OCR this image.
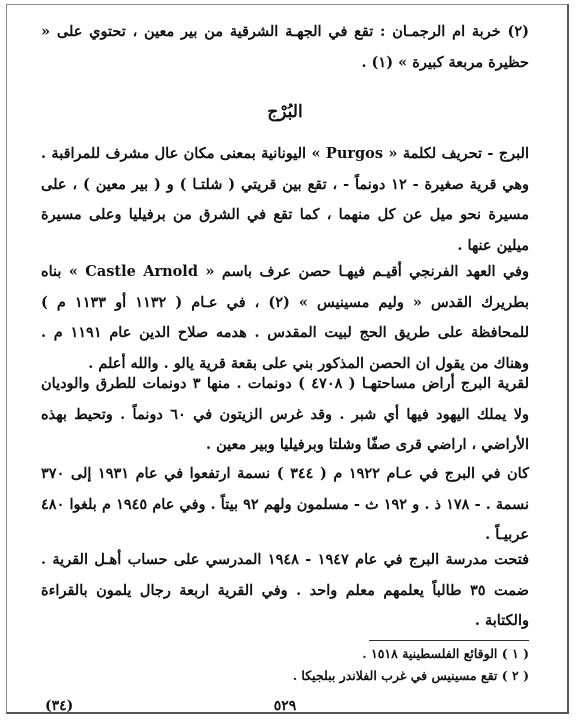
(٢) خربة ام الرجمـان : تقع في الجهـة الشرقية من بير معين ، تحتوي على « حظيرة مربعة كبيرة » (١) .

البُرْج

البرج - تحريف لكلمة « Purgos » اليونانية بمعنى مكان عال مشرف للمراقبة . وهي قرية صغيرة - ١٢ دونماً - ، تقع بين قريتي ( شلتـا ) و ( بير معين ) ، على مسيرة نحو ميل عن كل منهما ، كما تقع في الشرق من برفيليا وعلى مسيرة ميلين عنها .

وفي العهد الفرنجي أقيـم فيهـا حصن عرف باسم « Castle Arnold » بناه بطريرك القدس « وليم مسينيس » (٢) ، في عـام ( ١١٣٢ أو ١١٣٣ م ) للمحافظة على طريق الحج لبيت المقدس . هدمه صلاح الدين عام ١١٩١ م . وهناك من يقول ان الحصن المذكور بني على بقعة قرية يالو . والله أعلم .

لقرية البرج أراض مساحتهـا ( ٤٧٠٨ ) دونمات . منها ٣ دونمات للطرق والوديان ولا يملك اليهود فيها أي شبر . وقد غرس الزيتون في ٦٠ دونماً . وتحيط بهذه الأراضي ، اراضي قرى صفّا وشلتا وبرفيليا وبير معين .

كان في البرج في عـام ١٩٢٢ م ( ٣٤٤ ) نسمة ارتفعوا في عام ١٩٣١ إلى ٣٧٠ نسمة . - ١٧٨ ذ . و ١٩٢ ث - مسلمون ولهم ٩٢ بيتاً . وفي عام ١٩٤٥ م بلغوا ٤٨٠ عربيـاً .

فتحت مدرسة البرج في عام ١٩٤٧ - ١٩٤٨ المدرسي على حساب أهـل القرية . ضمت ٣٥ طالباً يعلمهم معلم واحد . وفي القرية اربعة رجال يلمون بالقراءة والكتابة .

( ١ ) الوقائع الفلسطينية ١٥١٨ .
( ٢ ) تقع مسينيس في غرب الفلاندر ببلجيكا .
٥٢٩
(٣٤)
